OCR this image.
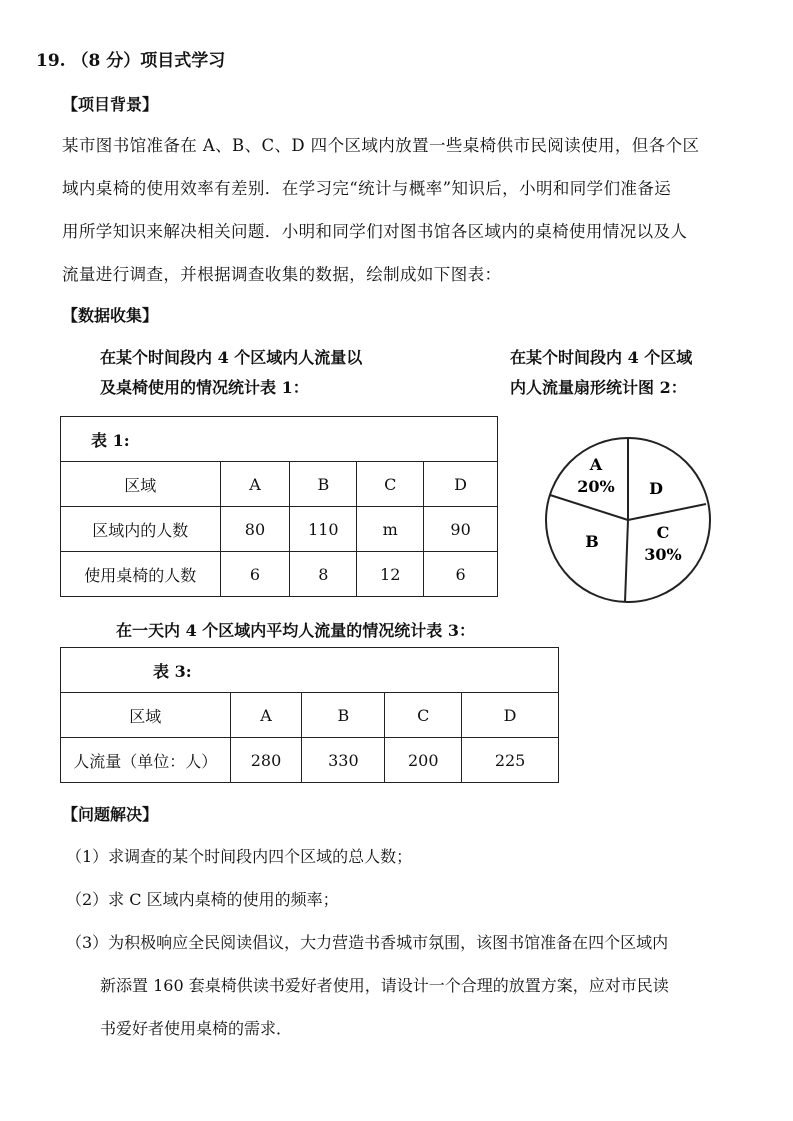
19. （8 分）项目式学习
【项目背景】
某市图书馆准备在 A、B、C、D 四个区域内放置一些桌椅供市民阅读使用，但各个区
域内桌椅的使用效率有差别．在学习完“统计与概率”知识后，小明和同学们准备运
用所学知识来解决相关问题．小明和同学们对图书馆各区域内的桌椅使用情况以及人
流量进行调查，并根据调查收集的数据，绘制成如下图表：
【数据收集】
在某个时间段内 4 个区域内人流量以
及桌椅使用的情况统计表 1：
在某个时间段内 4 个区域
内人流量扇形统计图 2：
表 1:				
区域	A	B	C	D
区域内的人数	80	110	m	90
使用桌椅的人数	6	8	12	6
A
20% D
C
30%
B
在一天内 4 个区域内平均人流量的情况统计表 3：
表 3:				
区域	A	B	C	D
人流量（单位：人）	280	330	200	225
【问题解决】
（1）求调查的某个时间段内四个区域的总人数；
（2）求 C 区域内桌椅的使用的频率；
（3）为积极响应全民阅读倡议，大力营造书香城市氛围，该图书馆准备在四个区域内
新添置 160 套桌椅供读书爱好者使用，请设计一个合理的放置方案，应对市民读
书爱好者使用桌椅的需求．
